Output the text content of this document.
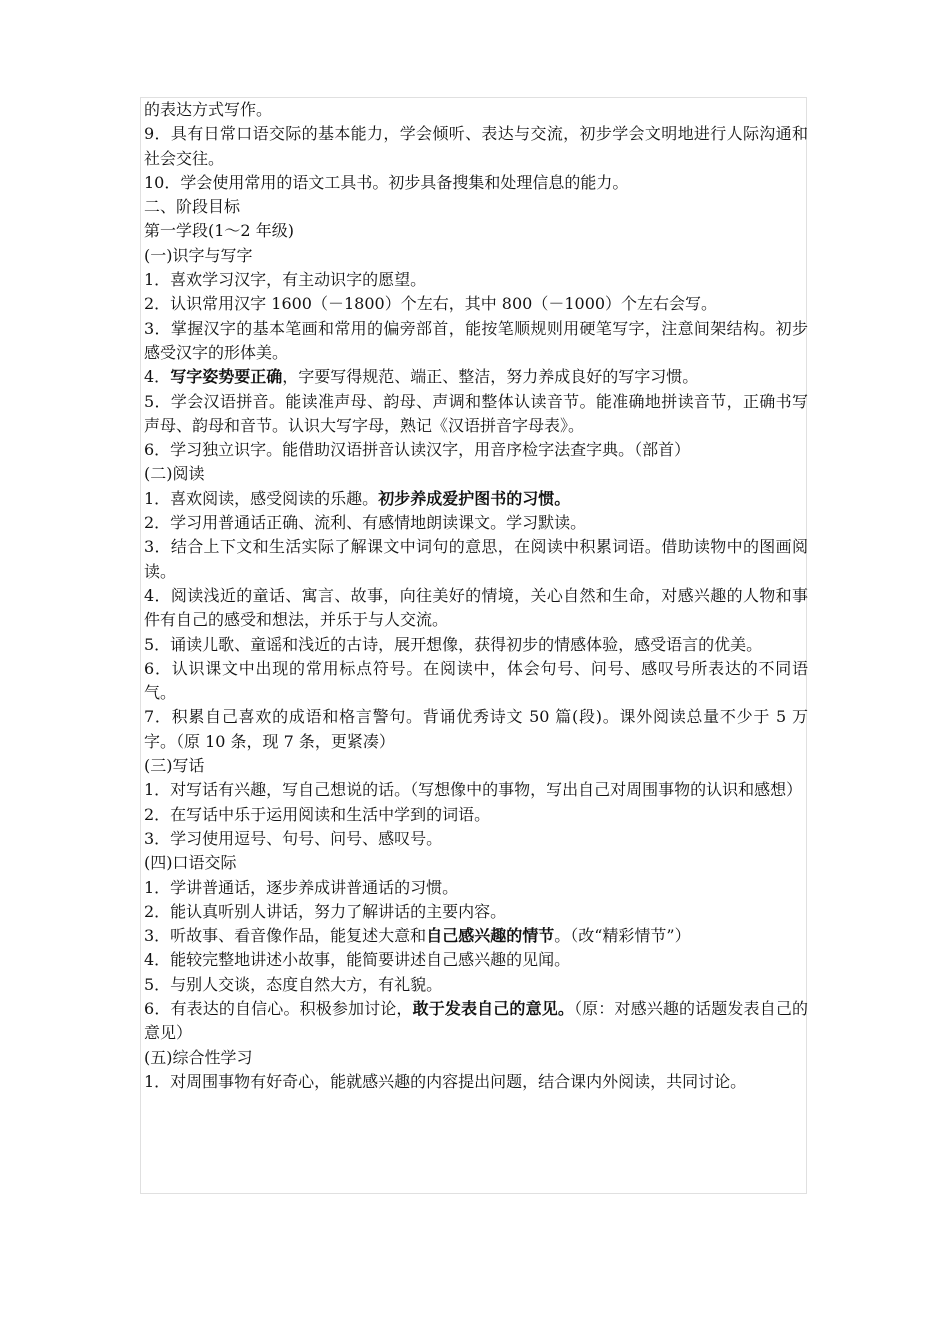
的表达方式写作。
9．具有日常口语交际的基本能力，学会倾听、表达与交流，初步学会文明地进行人际沟通和社会交往。
10．学会使用常用的语文工具书。初步具备搜集和处理信息的能力。
二、阶段目标
第一学段(1～2 年级)
(一)识字与写字
1．喜欢学习汉字，有主动识字的愿望。
2．认识常用汉字 1600（－1800）个左右，其中 800（－1000）个左右会写。
3．掌握汉字的基本笔画和常用的偏旁部首，能按笔顺规则用硬笔写字，注意间架结构。初步感受汉字的形体美。
4．写字姿势要正确，字要写得规范、端正、整洁，努力养成良好的写字习惯。
5．学会汉语拼音。能读准声母、韵母、声调和整体认读音节。能准确地拼读音节，正确书写声母、韵母和音节。认识大写字母，熟记《汉语拼音字母表》。
6．学习独立识字。能借助汉语拼音认读汉字，用音序检字法查字典。（部首）
(二)阅读
1．喜欢阅读，感受阅读的乐趣。初步养成爱护图书的习惯。
2．学习用普通话正确、流利、有感情地朗读课文。学习默读。
3．结合上下文和生活实际了解课文中词句的意思，在阅读中积累词语。借助读物中的图画阅读。
4．阅读浅近的童话、寓言、故事，向往美好的情境，关心自然和生命，对感兴趣的人物和事件有自己的感受和想法，并乐于与人交流。
5．诵读儿歌、童谣和浅近的古诗，展开想像，获得初步的情感体验，感受语言的优美。
6．认识课文中出现的常用标点符号。在阅读中，体会句号、问号、感叹号所表达的不同语气。
7．积累自己喜欢的成语和格言警句。背诵优秀诗文 50 篇(段)。课外阅读总量不少于 5 万字。（原 10 条，现 7 条，更紧凑）
(三)写话
1．对写话有兴趣，写自己想说的话。（写想像中的事物，写出自己对周围事物的认识和感想）
2．在写话中乐于运用阅读和生活中学到的词语。
3．学习使用逗号、句号、问号、感叹号。
(四)口语交际
1．学讲普通话，逐步养成讲普通话的习惯。
2．能认真听别人讲话，努力了解讲话的主要内容。
3．听故事、看音像作品，能复述大意和自己感兴趣的情节。（改“精彩情节”）
4．能较完整地讲述小故事，能简要讲述自己感兴趣的见闻。
5．与别人交谈，态度自然大方，有礼貌。
6．有表达的自信心。积极参加讨论，敢于发表自己的意见。（原：对感兴趣的话题发表自己的意见）
(五)综合性学习
1．对周围事物有好奇心，能就感兴趣的内容提出问题，结合课内外阅读，共同讨论。
